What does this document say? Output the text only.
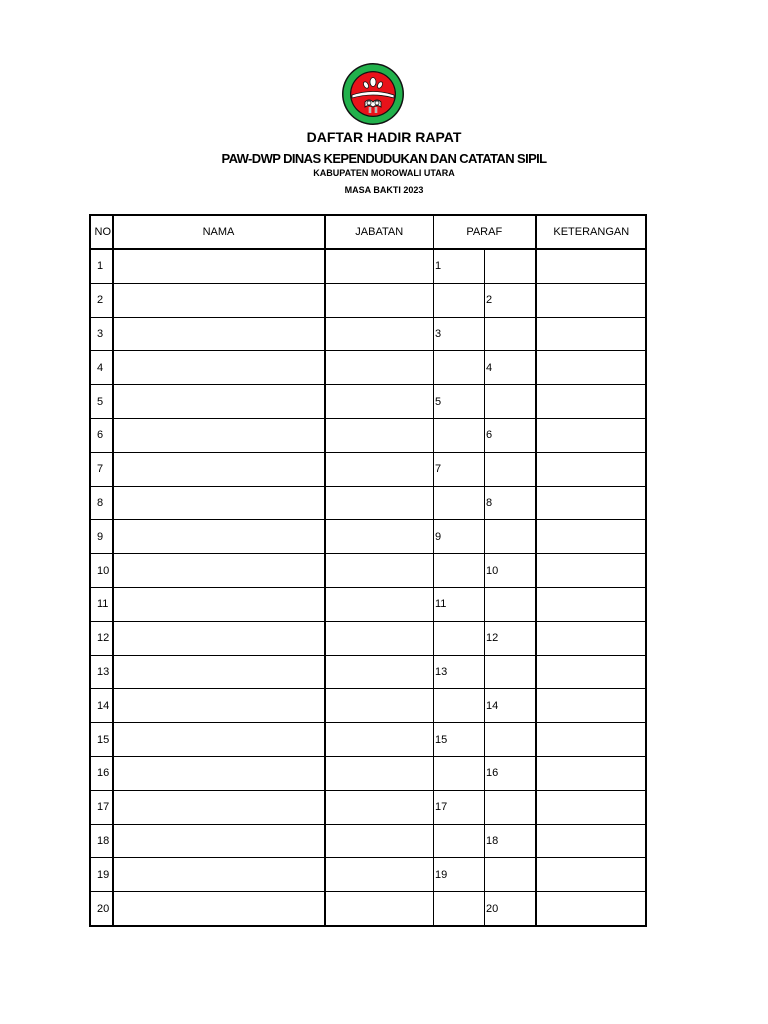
DAFTAR HADIR RAPAT
PAW-DWP DINAS KEPENDUDUKAN DAN CATATAN SIPIL
KABUPATEN MOROWALI UTARA
MASA BAKTI 2023
NO	NAMA	JABATAN	PARAF		KETERANGAN
1			1		
2				2	
3			3		
4				4	
5			5		
6				6	
7			7		
8				8	
9			9		
10				10	
11			11		
12				12	
13			13		
14				14	
15			15		
16				16	
17			17		
18				18	
19			19		
20				20	
